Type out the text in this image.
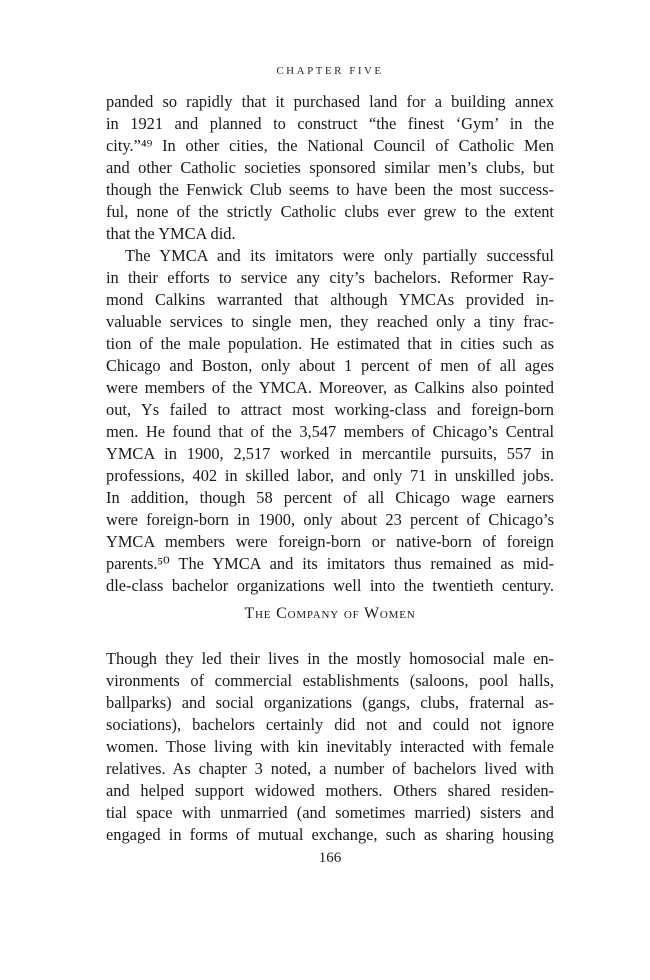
CHAPTER FIVE
panded so rapidly that it purchased land for a building annex
in 1921 and planned to construct “the finest ‘Gym’ in the
city.”⁴⁹ In other cities, the National Council of Catholic Men
and other Catholic societies sponsored similar men’s clubs, but
though the Fenwick Club seems to have been the most success-
ful, none of the strictly Catholic clubs ever grew to the extent
that the YMCA did.
The YMCA and its imitators were only partially successful
in their efforts to service any city’s bachelors. Reformer Ray-
mond Calkins warranted that although YMCAs provided in-
valuable services to single men, they reached only a tiny frac-
tion of the male population. He estimated that in cities such as
Chicago and Boston, only about 1 percent of men of all ages
were members of the YMCA. Moreover, as Calkins also pointed
out, Ys failed to attract most working-class and foreign-born
men. He found that of the 3,547 members of Chicago’s Central
YMCA in 1900, 2,517 worked in mercantile pursuits, 557 in
professions, 402 in skilled labor, and only 71 in unskilled jobs.
In addition, though 58 percent of all Chicago wage earners
were foreign-born in 1900, only about 23 percent of Chicago’s
YMCA members were foreign-born or native-born of foreign
parents.⁵⁰ The YMCA and its imitators thus remained as mid-
dle-class bachelor organizations well into the twentieth century.
The Company of Women
Though they led their lives in the mostly homosocial male en-
vironments of commercial establishments (saloons, pool halls,
ballparks) and social organizations (gangs, clubs, fraternal as-
sociations), bachelors certainly did not and could not ignore
women. Those living with kin inevitably interacted with female
relatives. As chapter 3 noted, a number of bachelors lived with
and helped support widowed mothers. Others shared residen-
tial space with unmarried (and sometimes married) sisters and
engaged in forms of mutual exchange, such as sharing housing
166
